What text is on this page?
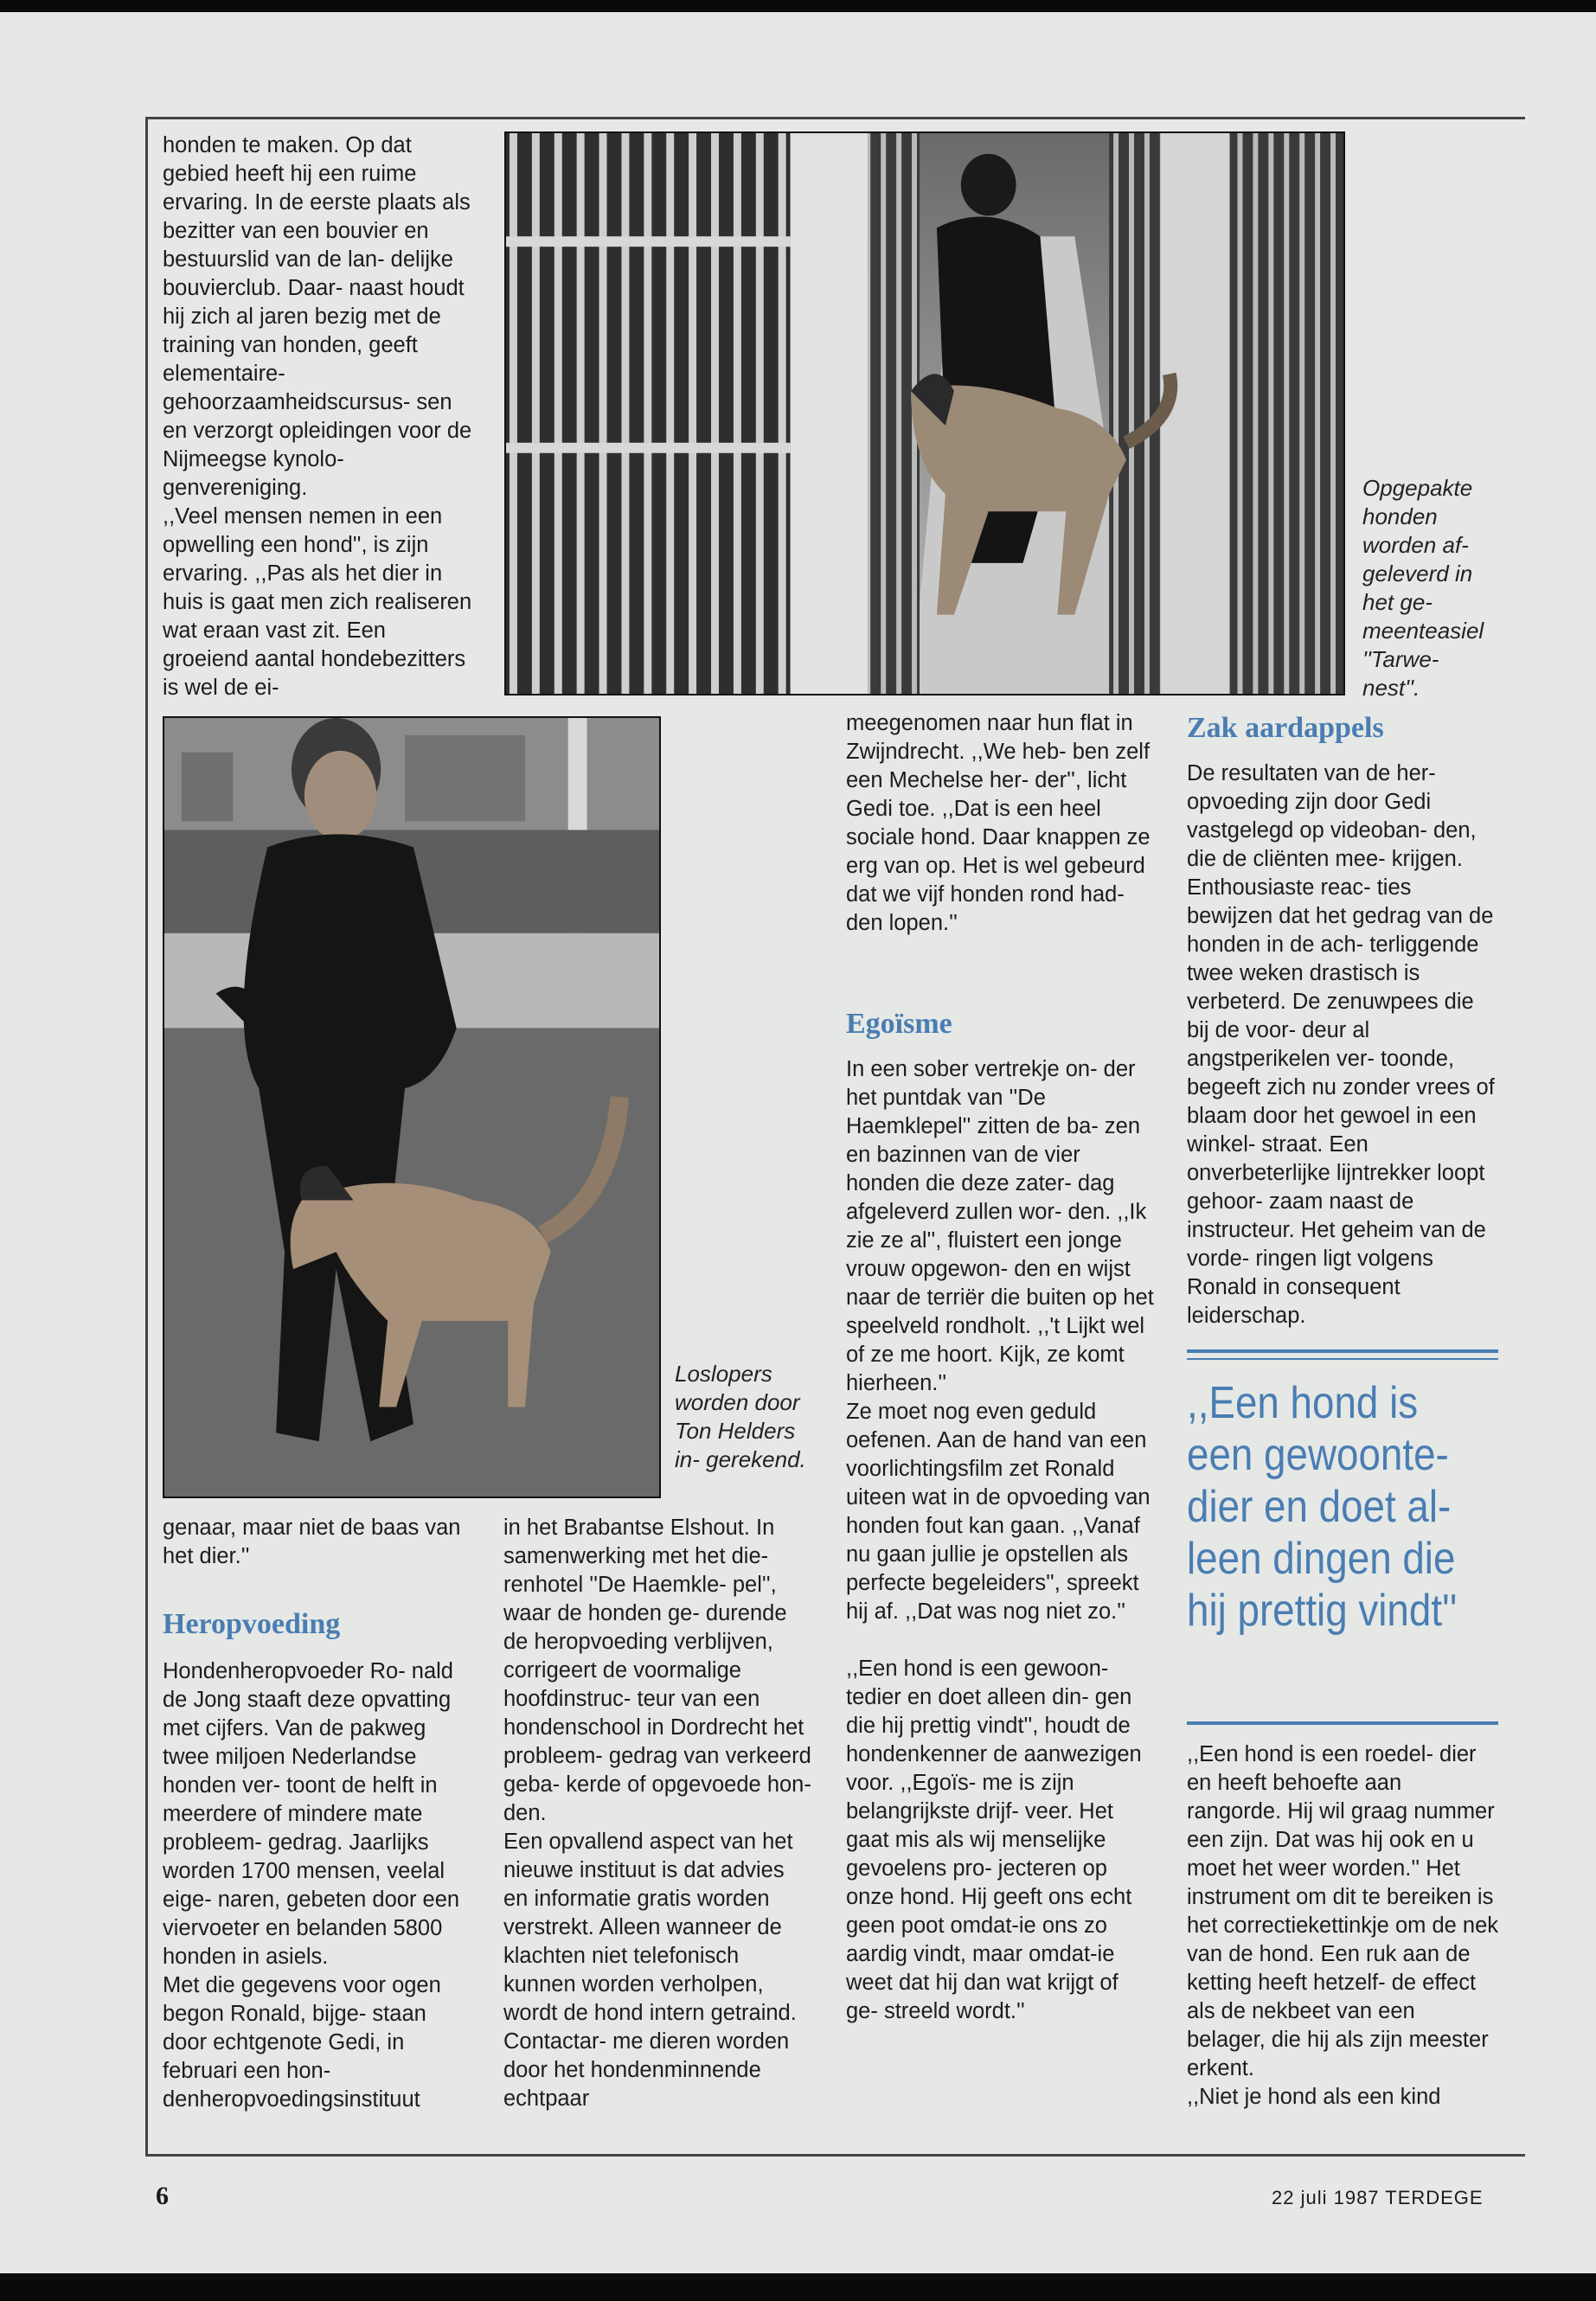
honden te maken. Op dat gebied heeft hij een ruime ervaring. In de eerste plaats als bezitter van een bouvier en bestuurslid van de lan- delijke bouvierclub. Daar- naast houdt hij zich al jaren bezig met de training van honden, geeft elementaire- gehoorzaamheidscursus- sen en verzorgt opleidingen voor de Nijmeegse kynolo- genvereniging.

,,Veel mensen nemen in een opwelling een hond'', is zijn ervaring. ,,Pas als het dier in huis is gaat men zich realiseren wat eraan vast zit. Een groeiend aantal hondebezitters is wel de ei-

Opgepakte honden worden af- geleverd in het ge- meenteasiel ''Tarwe- nest''.
Loslopers worden door Ton Helders in- gerekend.

genaar, maar niet de baas van het dier.''

Heropvoeding

Hondenheropvoeder Ro- nald de Jong staaft deze opvatting met cijfers. Van de pakweg twee miljoen Nederlandse honden ver- toont de helft in meerdere of mindere mate probleem- gedrag. Jaarlijks worden 1700 mensen, veelal eige- naren, gebeten door een viervoeter en belanden 5800 honden in asiels.

Met die gegevens voor ogen begon Ronald, bijge- staan door echtgenote Gedi, in februari een hon- denheropvoedingsinstituut

in het Brabantse Elshout. In samenwerking met het die- renhotel ''De Haemkle- pel'', waar de honden ge- durende de heropvoeding verblijven, corrigeert de voormalige hoofdinstruc- teur van een hondenschool in Dordrecht het probleem- gedrag van verkeerd geba- kerde of opgevoede hon- den.

Een opvallend aspect van het nieuwe instituut is dat advies en informatie gratis worden verstrekt. Alleen wanneer de klachten niet telefonisch kunnen worden verholpen, wordt de hond intern getraind. Contactar- me dieren worden door het hondenminnende echtpaar

meegenomen naar hun flat in Zwijndrecht. ,,We heb- ben zelf een Mechelse her- der'', licht Gedi toe. ,,Dat is een heel sociale hond. Daar knappen ze erg van op. Het is wel gebeurd dat we vijf honden rond had- den lopen.''

Egoïsme

In een sober vertrekje on- der het puntdak van ''De Haemklepel'' zitten de ba- zen en bazinnen van de vier honden die deze zater- dag afgeleverd zullen wor- den. ,,Ik zie ze al'', fluistert een jonge vrouw opgewon- den en wijst naar de terriër die buiten op het speelveld rondholt. ,,'t Lijkt wel of ze me hoort. Kijk, ze komt hierheen.''

Ze moet nog even geduld oefenen. Aan de hand van een voorlichtingsfilm zet Ronald uiteen wat in de opvoeding van honden fout kan gaan. ,,Vanaf nu gaan jullie je opstellen als perfecte begeleiders'', spreekt hij af. ,,Dat was nog niet zo.''

,,Een hond is een gewoon- tedier en doet alleen din- gen die hij prettig vindt'', houdt de hondenkenner de aanwezigen voor. ,,Egoïs- me is zijn belangrijkste drijf- veer. Het gaat mis als wij menselijke gevoelens pro- jecteren op onze hond. Hij geeft ons echt geen poot omdat-ie ons zo aardig vindt, maar omdat-ie weet dat hij dan wat krijgt of ge- streeld wordt.''

Zak aardappels

De resultaten van de her- opvoeding zijn door Gedi vastgelegd op videoban- den, die de cliënten mee- krijgen. Enthousiaste reac- ties bewijzen dat het gedrag van de honden in de ach- terliggende twee weken drastisch is verbeterd. De zenuwpees die bij de voor- deur al angstperikelen ver- toonde, begeeft zich nu zonder vrees of blaam door het gewoel in een winkel- straat. Een onverbeterlijke lijntrekker loopt gehoor- zaam naast de instructeur. Het geheim van de vorde- ringen ligt volgens Ronald in consequent leiderschap.

,,Een hond is een gewoonte- dier en doet al- leen dingen die hij prettig vindt''

,,Een hond is een roedel- dier en heeft behoefte aan rangorde. Hij wil graag nummer een zijn. Dat was hij ook en u moet het weer worden.'' Het instrument om dit te bereiken is het correctiekettinkje om de nek van de hond. Een ruk aan de ketting heeft hetzelf- de effect als de nekbeet van een belager, die hij als zijn meester erkent.

,,Niet je hond als een kind

6	22 juli 1987 TERDEGE
